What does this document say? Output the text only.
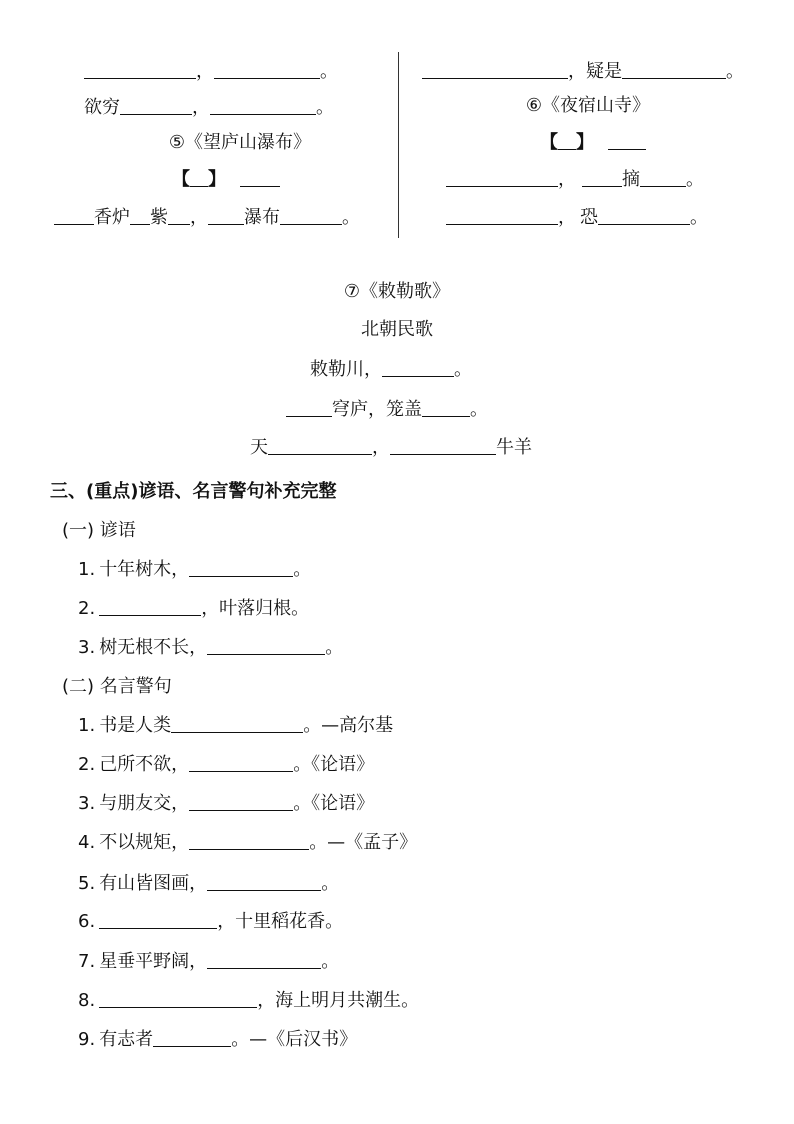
，	。
欲穷	，	。
⑤《望庐山瀑布》
【 】
香炉 紫 ， 瀑布	。
，疑是	。
⑥《夜宿山寺》
【 】
，	摘	。
， 恐	。
⑦《敕勒歌》
北朝民歌
敕勒川，	。
穹庐，笼盖	。
天	，	牛羊
三、(重点)谚语、名言警句补充完整
(一) 谚语
1. 十年树木，	。
2.	，叶落归根。
3. 树无根不长，	。
(二) 名言警句
1. 书是人类	。—高尔基
2. 己所不欲，	。《论语》
3. 与朋友交，	。《论语》
4. 不以规矩，	。—《孟子》
5. 有山皆图画，	。
6.	，十里稻花香。
7. 星垂平野阔，	。
8.	，海上明月共潮生。
9. 有志者	。—《后汉书》
